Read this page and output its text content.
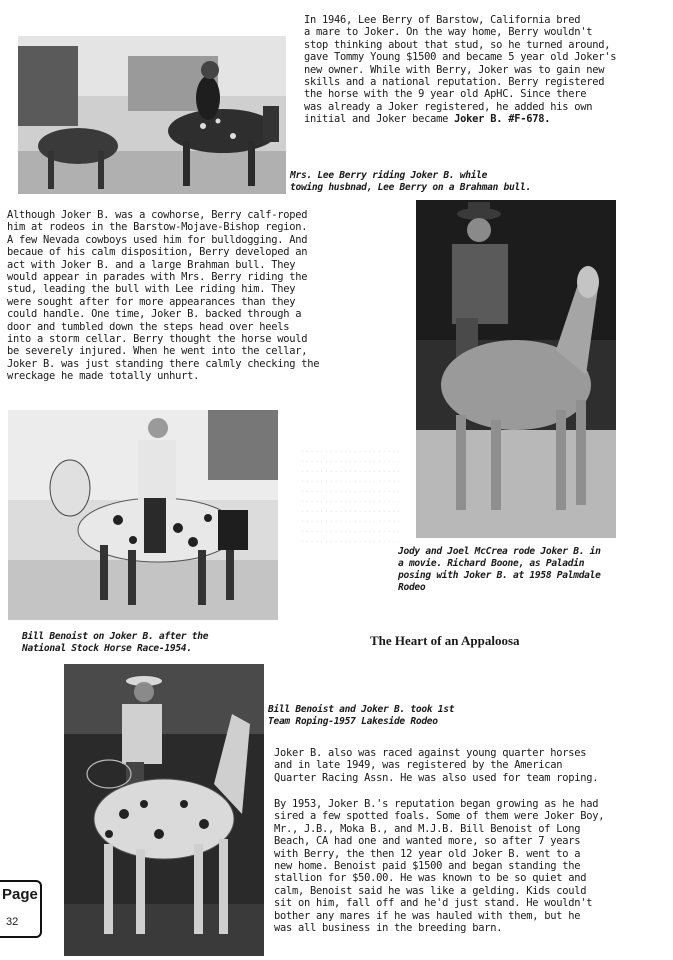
In 1946, Lee Berry of Barstow, California bred
a mare to Joker. On the way home, Berry wouldn't
stop thinking about that stud, so he turned around,
gave Tommy Young $1500 and became 5 year old Joker's
new owner. While with Berry, Joker was to gain new
skills and a national reputation. Berry registered
the horse with the 9 year old ApHC. Since there
was already a Joker registered, he added his own
initial and Joker became Joker B. #F-678.
Mrs. Lee Berry riding Joker B. while
towing husbnad, Lee Berry on a Brahman bull.
Although Joker B. was a cowhorse, Berry calf-roped
him at rodeos in the Barstow-Mojave-Bishop region.
A few Nevada cowboys used him for bulldogging. And
becaue of his calm disposition, Berry developed an
act with Joker B. and a large Brahman bull. They
would appear in parades with Mrs. Berry riding the
stud, leading the bull with Lee riding him. They
were sought after for more appearances than they
could handle. One time, Joker B. backed through a
door and tumbled down the steps head over heels
into a storm cellar. Berry thought the horse would
be severely injured. When he went into the cellar,
Joker B. was just standing there calmly checking the
wreckage he made totally unhurt.
Jody and Joel McCrea rode Joker B. in
a movie. Richard Boone, as Paladin
posing with Joker B. at 1958 Palmdale
Rodeo
.....................
.....................
.....................
.....................
.....................
.....................
.....................
.....................
.....................
.....................
Bill Benoist on Joker B. after the
National Stock Horse Race-1954.
The Heart of an Appaloosa
Bill Benoist and Joker B. took 1st
Team Roping-1957 Lakeside Rodeo
Joker B. also was raced against young quarter horses
and in late 1949, was registered by the American
Quarter Racing Assn. He was also used for team roping.
By 1953, Joker B.'s reputation began growing as he had
sired a few spotted foals. Some of them were Joker Boy,
Mr., J.B., Moka B., and M.J.B. Bill Benoist of Long
Beach, CA had one and wanted more, so after 7 years
with Berry, the then 12 year old Joker B. went to a
new home. Benoist paid $1500 and began standing the
stallion for $50.00. He was known to be so quiet and
calm, Benoist said he was like a gelding. Kids could
sit on him, fall off and he'd just stand. He wouldn't
bother any mares if he was hauled with them, but he
was all business in the breeding barn.
Page
32
